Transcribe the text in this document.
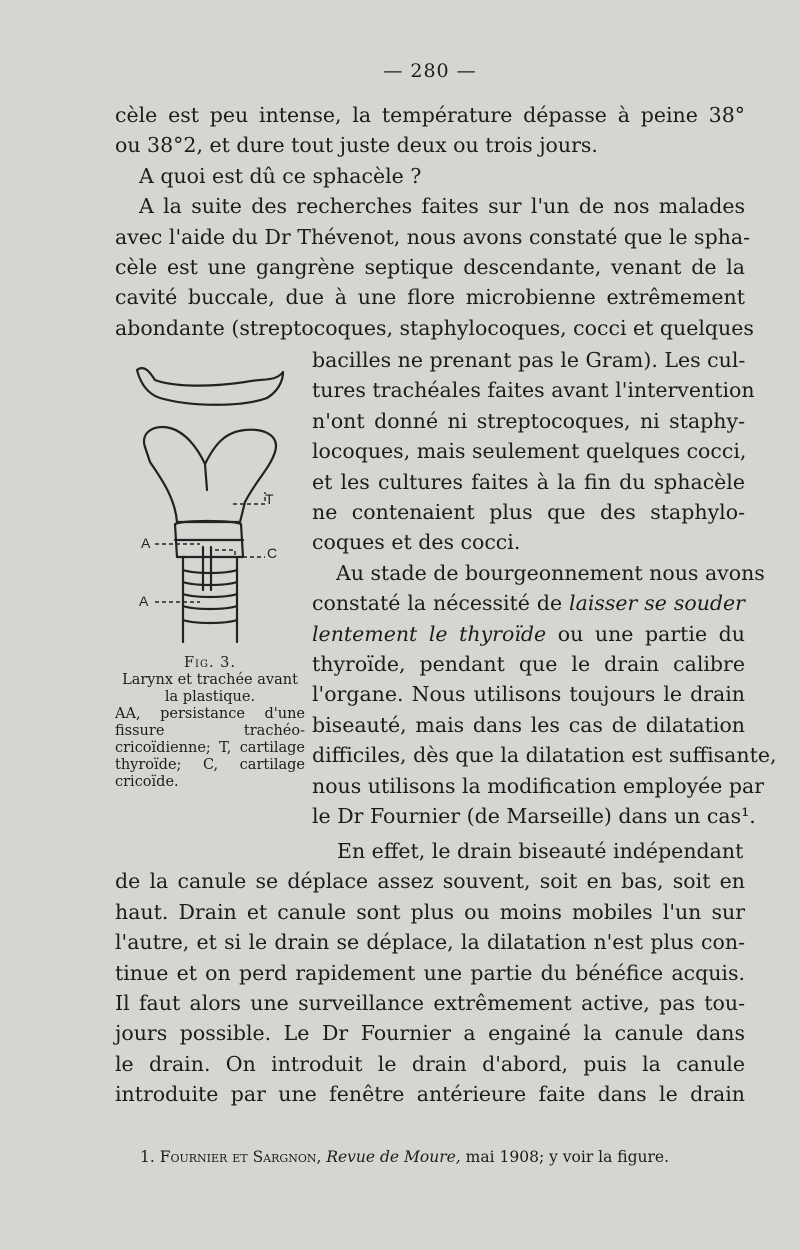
— 280 —

cèle est peu intense, la température dépasse à peine 38°

ou 38°2, et dure tout juste deux ou trois jours.

A quoi est dû ce sphacèle ?

A la suite des recherches faites sur l'un de nos malades

avec l'aide du Dr Thévenot, nous avons constaté que le spha-

cèle est une gangrène septique descendante, venant de la

cavité buccale, due à une flore microbienne extrêmement

abondante (streptocoques, staphylocoques, cocci et quelques

T
C
A
A

Fig. 3.

Larynx et trachée avant la plastique.

AA, persistance d'une fissure trachéo-cricoïdienne; T, cartilage thyroïde; C, cartilage cricoïde.

bacilles ne prenant pas le Gram). Les cul-

tures trachéales faites avant l'intervention

n'ont donné ni streptocoques, ni staphy-

locoques, mais seulement quelques cocci,

et les cultures faites à la fin du sphacèle

ne contenaient plus que des staphylo-

coques et des cocci.

Au stade de bourgeonnement nous avons

constaté la nécessité de laisser se souder

lentement le thyroïde ou une partie du

thyroïde, pendant que le drain calibre

l'organe. Nous utilisons toujours le drain

biseauté, mais dans les cas de dilatation

difficiles, dès que la dilatation est suffisante,

nous utilisons la modification employée par

le Dr Fournier (de Marseille) dans un cas¹.

En effet, le drain biseauté indépendant

de la canule se déplace assez souvent, soit en bas, soit en

haut. Drain et canule sont plus ou moins mobiles l'un sur

l'autre, et si le drain se déplace, la dilatation n'est plus con-

tinue et on perd rapidement une partie du bénéfice acquis.

Il faut alors une surveillance extrêmement active, pas tou-

jours possible. Le Dr Fournier a engainé la canule dans

le drain. On introduit le drain d'abord, puis la canule

introduite par une fenêtre antérieure faite dans le drain

1. Fournier et Sargnon, Revue de Moure, mai 1908; y voir la figure.
